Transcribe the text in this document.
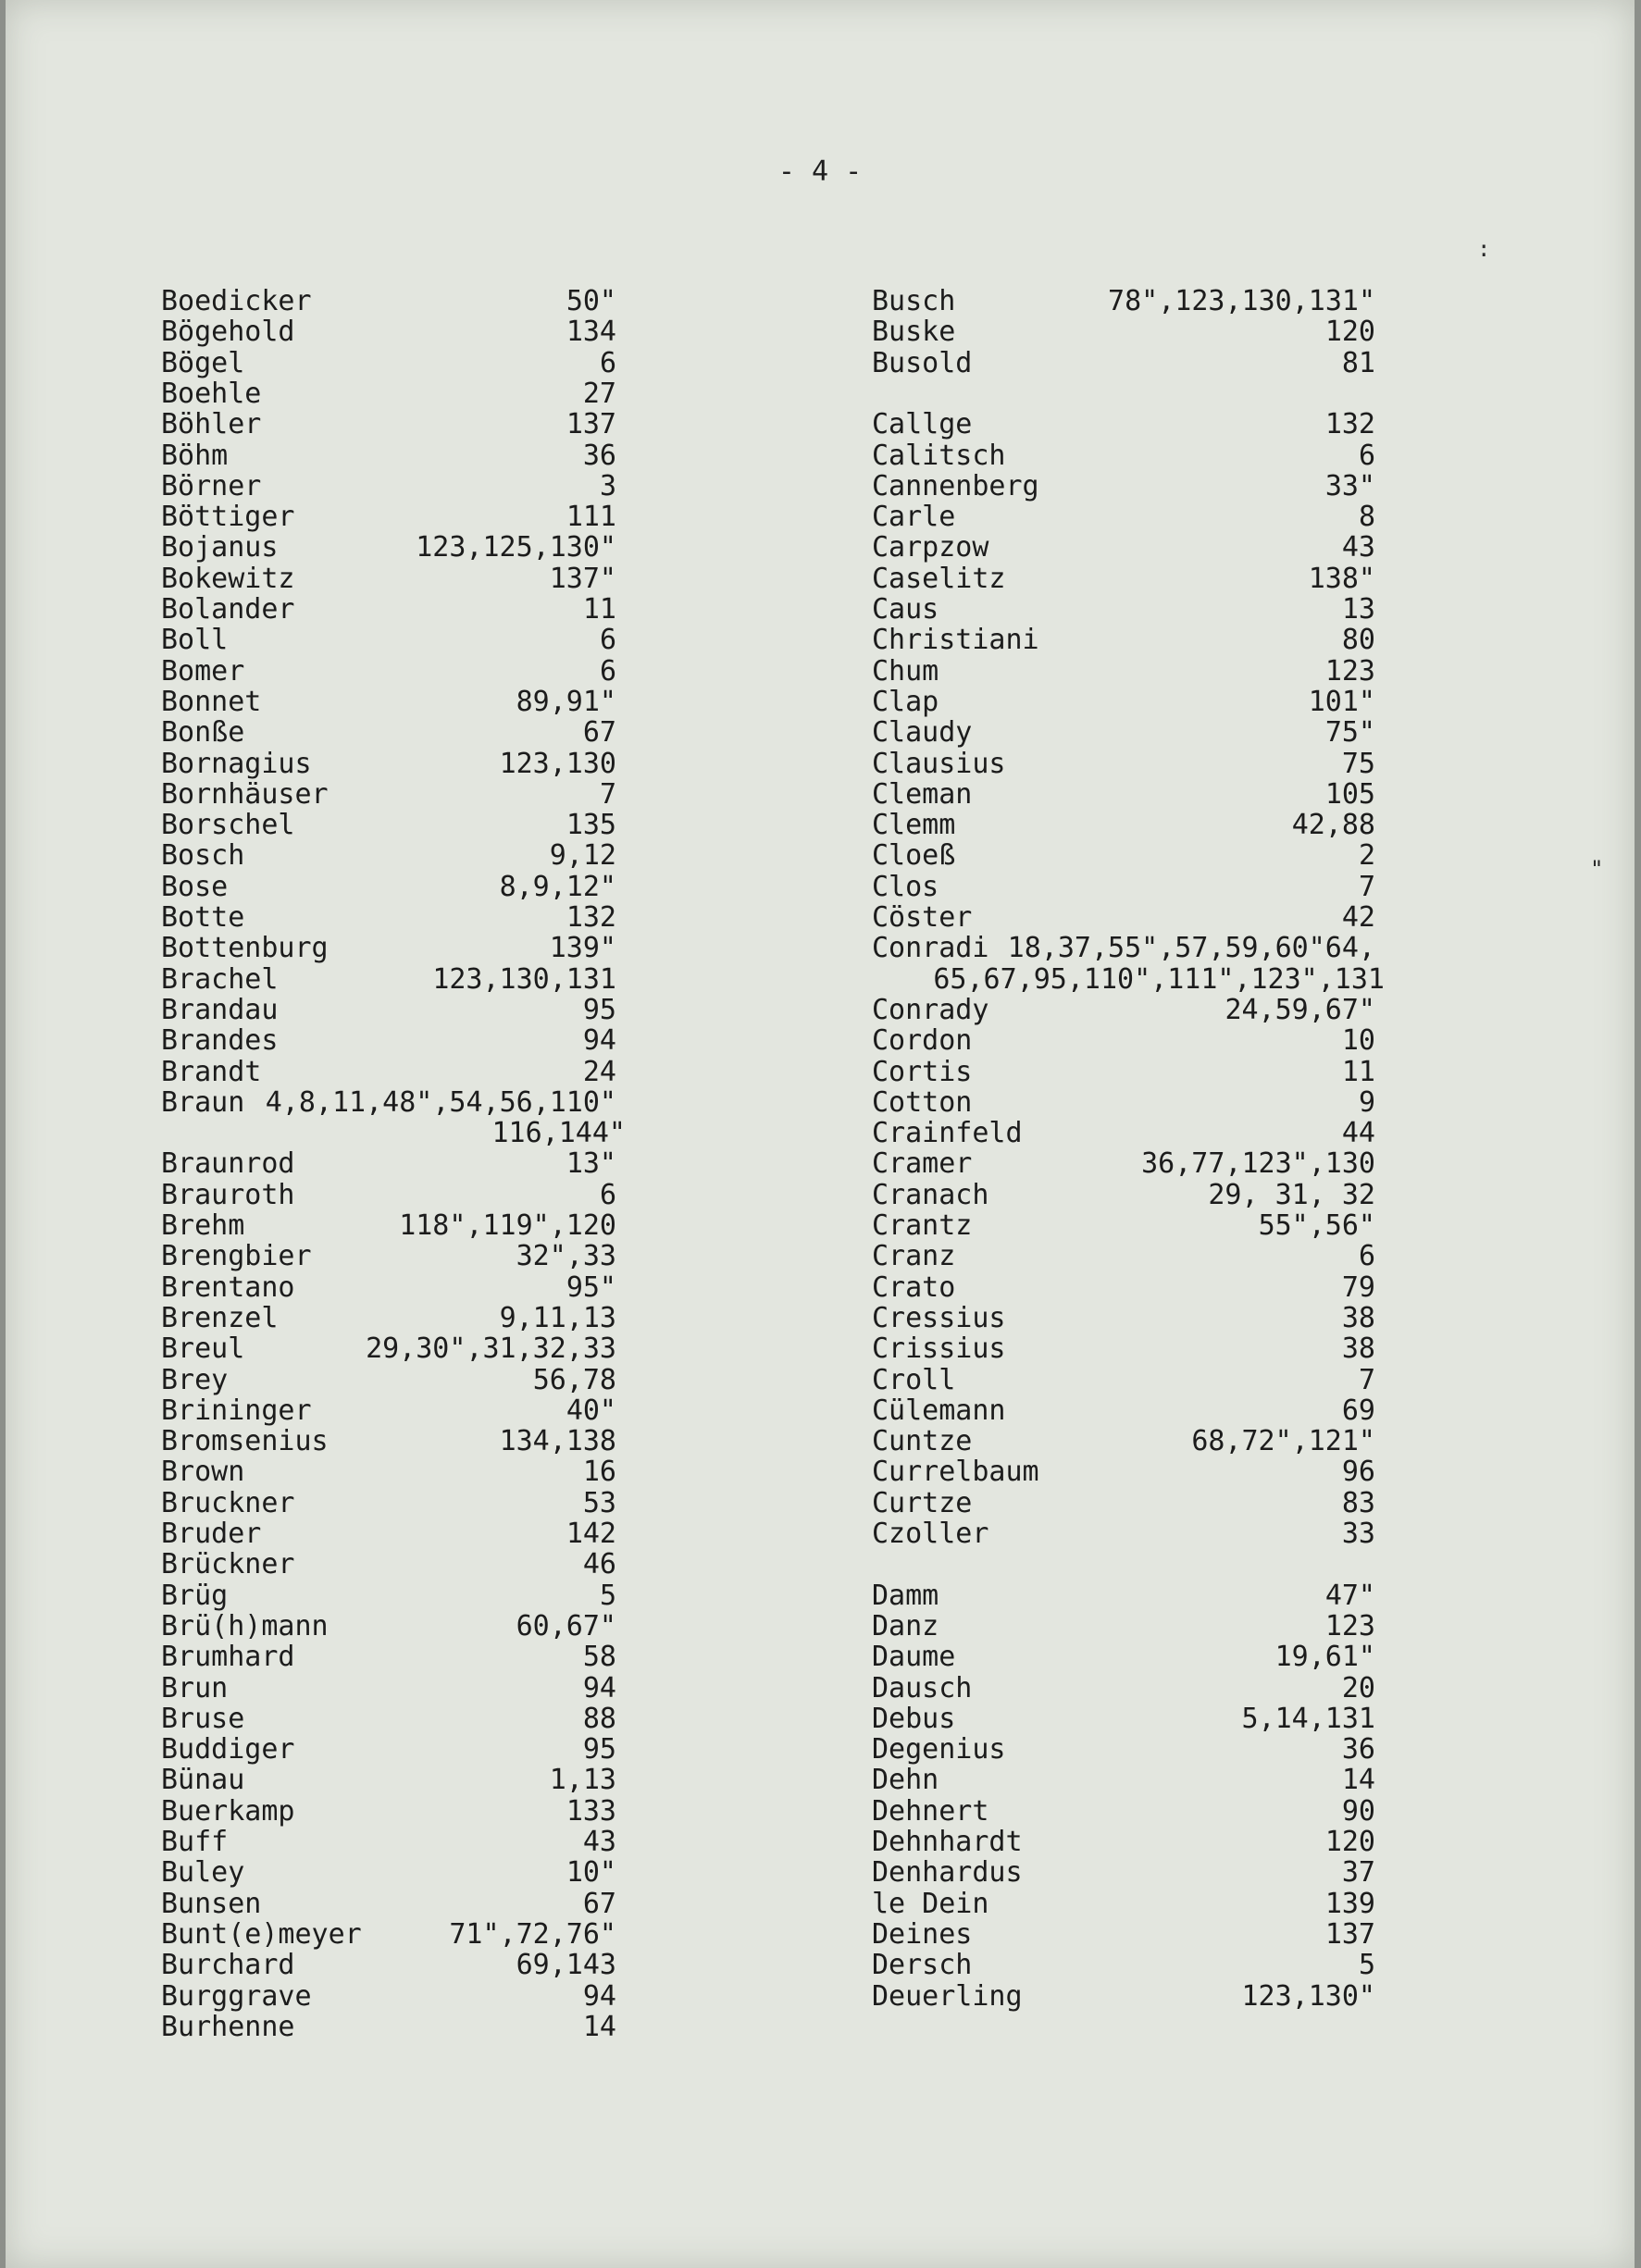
- 4 -
Boedicker	50"
Bögehold	134
Bögel	6
Boehle	27
Böhler	137
Böhm	36
Börner	3
Böttiger	111
Bojanus	123,125,130"
Bokewitz	137"
Bolander	11
Boll	6
Bomer	6
Bonnet	89,91"
Bonße	67
Bornagius	123,130
Bornhäuser	7
Borschel	135
Bosch	9,12
Bose	8,9,12"
Botte	132
Bottenburg	139"
Brachel	123,130,131
Brandau	95
Brandes	94
Brandt	24
Braun 4,8,11,48",54,56,110"
116,144"
Braunrod	13"
Brauroth	6
Brehm	118",119",120
Brengbier	32",33
Brentano	95"
Brenzel	9,11,13
Breul	29,30",31,32,33
Brey	56,78
Brininger	40"
Bromsenius	134,138
Brown	16
Bruckner	53
Bruder	142
Brückner	46
Brüg	5
Brü(h)mann	60,67"
Brumhard	58
Brun	94
Bruse	88
Buddiger	95
Bünau	1,13
Buerkamp	133
Buff	43
Buley	10"
Bunsen	67
Bunt(e)meyer	71",72,76"
Burchard	69,143
Burggrave	94
Burhenne	14
Busch	78",123,130,131"
Buske	120
Busold	81
Callge	132
Calitsch	6
Cannenberg	33"
Carle	8
Carpzow	43
Caselitz	138"
Caus	13
Christiani	80
Chum	123
Clap	101"
Claudy	75"
Clausius	75
Cleman	105
Clemm	42,88
Cloeß	2
Clos	7
Cöster	42
Conradi 18,37,55",57,59,60"64,
65,67,95,110",111",123",131
Conrady	24,59,67"
Cordon	10
Cortis	11
Cotton	9
Crainfeld	44
Cramer	36,77,123",130
Cranach	29, 31, 32
Crantz	55",56"
Cranz	6
Crato	79
Cressius	38
Crissius	38
Croll	7
Cülemann	69
Cuntze	68,72",121"
Currelbaum	96
Curtze	83
Czoller	33
Damm	47"
Danz	123
Daume	19,61"
Dausch	20
Debus	5,14,131
Degenius	36
Dehn	14
Dehnert	90
Dehnhardt	120
Denhardus	37
le Dein	139
Deines	137
Dersch	5
Deuerling	123,130"
:
"
